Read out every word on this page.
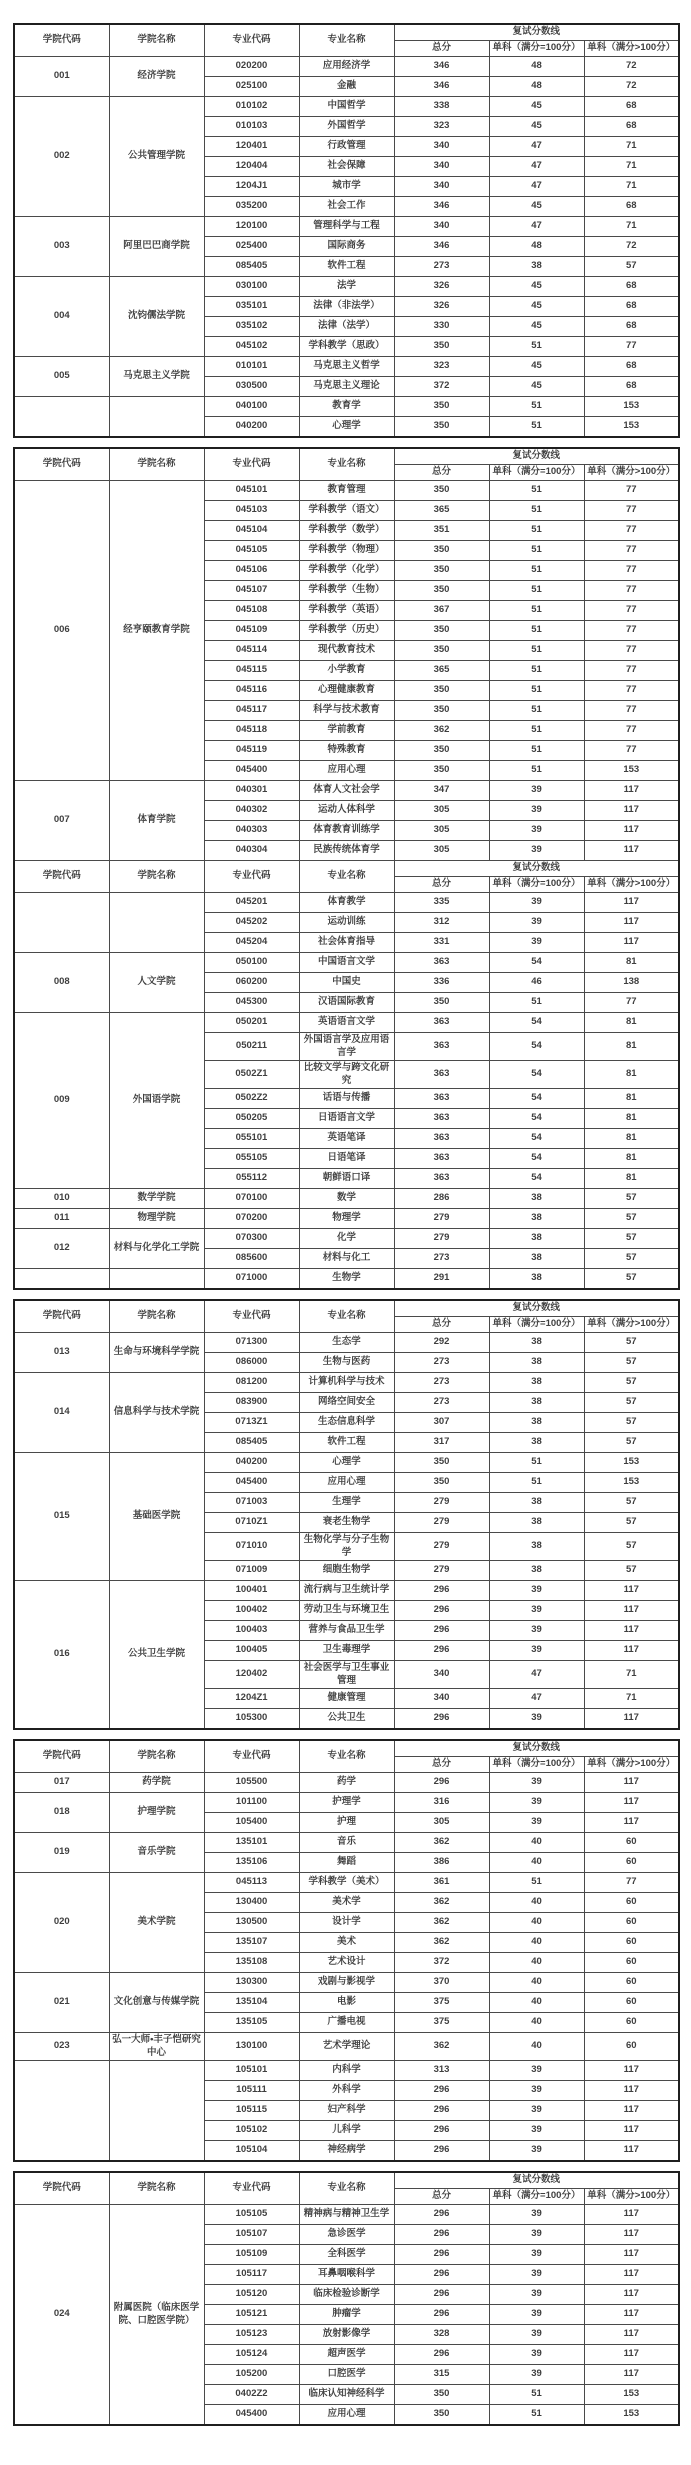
学院代码	学院名称	专业代码	专业名称	复试分数线		
				总分	单科（满分=100分）	单科（满分>100分）
001	经济学院	020200	应用经济学	346	48	72
		025100	金融	346	48	72
002	公共管理学院	010102	中国哲学	338	45	68
		010103	外国哲学	323	45	68
		120401	行政管理	340	47	71
		120404	社会保障	340	47	71
		1204J1	城市学	340	47	71
		035200	社会工作	346	45	68
003	阿里巴巴商学院	120100	管理科学与工程	340	47	71
		025400	国际商务	346	48	72
		085405	软件工程	273	38	57
004	沈钧儒法学院	030100	法学	326	45	68
		035101	法律（非法学）	326	45	68
		035102	法律（法学）	330	45	68
		045102	学科教学（思政）	350	51	77
005	马克思主义学院	010101	马克思主义哲学	323	45	68
		030500	马克思主义理论	372	45	68
		040100	教育学	350	51	153
		040200	心理学	350	51	153
学院代码	学院名称	专业代码	专业名称	复试分数线		
				总分	单科（满分=100分）	单科（满分>100分）
006	经亨颐教育学院	045101	教育管理	350	51	77
		045103	学科教学（语文）	365	51	77
		045104	学科教学（数学）	351	51	77
		045105	学科教学（物理）	350	51	77
		045106	学科教学（化学）	350	51	77
		045107	学科教学（生物）	350	51	77
		045108	学科教学（英语）	367	51	77
		045109	学科教学（历史）	350	51	77
		045114	现代教育技术	350	51	77
		045115	小学教育	365	51	77
		045116	心理健康教育	350	51	77
		045117	科学与技术教育	350	51	77
		045118	学前教育	362	51	77
		045119	特殊教育	350	51	77
		045400	应用心理	350	51	153
007	体育学院	040301	体育人文社会学	347	39	117
		040302	运动人体科学	305	39	117
		040303	体育教育训练学	305	39	117
		040304	民族传统体育学	305	39	117
学院代码	学院名称	专业代码	专业名称	复试分数线		
				总分	单科（满分=100分）	单科（满分>100分）
		045201	体育教学	335	39	117
		045202	运动训练	312	39	117
		045204	社会体育指导	331	39	117
008	人文学院	050100	中国语言文学	363	54	81
		060200	中国史	336	46	138
		045300	汉语国际教育	350	51	77
009	外国语学院	050201	英语语言文学	363	54	81
		050211	外国语言学及应用语言学	363	54	81
		0502Z1	比较文学与跨文化研究	363	54	81
		0502Z2	话语与传播	363	54	81
		050205	日语语言文学	363	54	81
		055101	英语笔译	363	54	81
		055105	日语笔译	363	54	81
		055112	朝鲜语口译	363	54	81
010	数学学院	070100	数学	286	38	57
011	物理学院	070200	物理学	279	38	57
012	材料与化学化工学院	070300	化学	279	38	57
		085600	材料与化工	273	38	57
		071000	生物学	291	38	57
学院代码	学院名称	专业代码	专业名称	复试分数线		
				总分	单科（满分=100分）	单科（满分>100分）
013	生命与环境科学学院	071300	生态学	292	38	57
		086000	生物与医药	273	38	57
014	信息科学与技术学院	081200	计算机科学与技术	273	38	57
		083900	网络空间安全	273	38	57
		0713Z1	生态信息科学	307	38	57
		085405	软件工程	317	38	57
015	基础医学院	040200	心理学	350	51	153
		045400	应用心理	350	51	153
		071003	生理学	279	38	57
		0710Z1	衰老生物学	279	38	57
		071010	生物化学与分子生物学	279	38	57
		071009	细胞生物学	279	38	57
016	公共卫生学院	100401	流行病与卫生统计学	296	39	117
		100402	劳动卫生与环境卫生	296	39	117
		100403	营养与食品卫生学	296	39	117
		100405	卫生毒理学	296	39	117
		120402	社会医学与卫生事业管理	340	47	71
		1204Z1	健康管理	340	47	71
		105300	公共卫生	296	39	117
学院代码	学院名称	专业代码	专业名称	复试分数线		
				总分	单科（满分=100分）	单科（满分>100分）
017	药学院	105500	药学	296	39	117
018	护理学院	101100	护理学	316	39	117
		105400	护理	305	39	117
019	音乐学院	135101	音乐	362	40	60
		135106	舞蹈	386	40	60
020	美术学院	045113	学科教学（美术）	361	51	77
		130400	美术学	362	40	60
		130500	设计学	362	40	60
		135107	美术	362	40	60
		135108	艺术设计	372	40	60
021	文化创意与传媒学院	130300	戏剧与影视学	370	40	60
		135104	电影	375	40	60
		135105	广播电视	375	40	60
023	弘一大师•丰子恺研究中心	130100	艺术学理论	362	40	60
		105101	内科学	313	39	117
		105111	外科学	296	39	117
		105115	妇产科学	296	39	117
		105102	儿科学	296	39	117
		105104	神经病学	296	39	117
学院代码	学院名称	专业代码	专业名称	复试分数线		
				总分	单科（满分=100分）	单科（满分>100分）
024	附属医院（临床医学院、口腔医学院）	105105	精神病与精神卫生学	296	39	117
		105107	急诊医学	296	39	117
		105109	全科医学	296	39	117
		105117	耳鼻咽喉科学	296	39	117
		105120	临床检验诊断学	296	39	117
		105121	肿瘤学	296	39	117
		105123	放射影像学	328	39	117
		105124	超声医学	296	39	117
		105200	口腔医学	315	39	117
		0402Z2	临床认知神经科学	350	51	153
		045400	应用心理	350	51	153
